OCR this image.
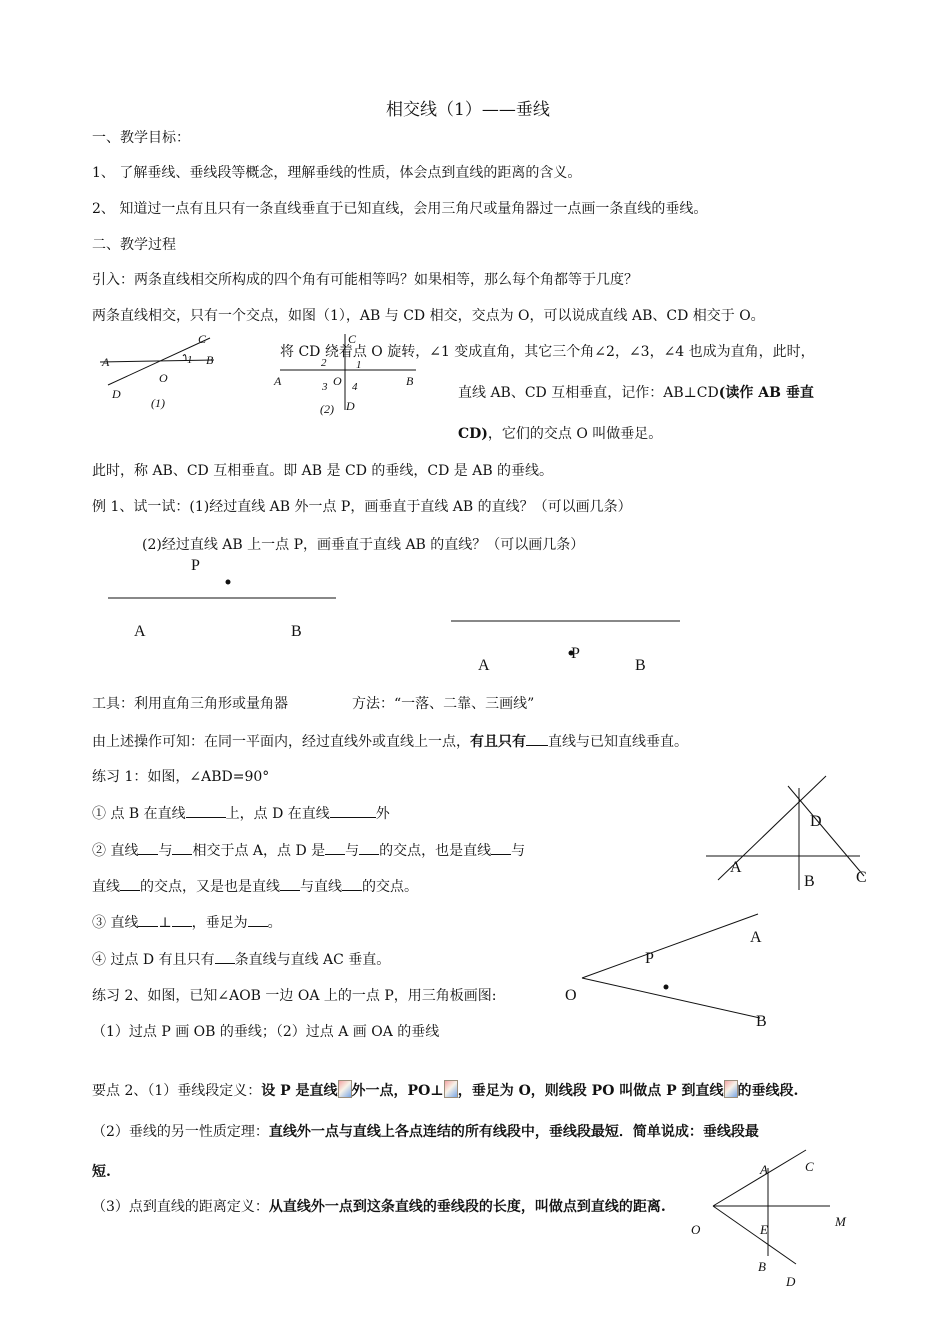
相交线（1）——垂线
一、教学目标：
1、 了解垂线、垂线段等概念，理解垂线的性质，体会点到直线的距离的含义。
2、 知道过一点有且只有一条直线垂直于已知直线，会用三角尺或量角器过一点画一条直线的垂线。
二、教学过程
引入：两条直线相交所构成的四个角有可能相等吗？如果相等，那么每个角都等于几度？
两条直线相交，只有一个交点，如图（1），AB 与 CD 相交，交点为 O，可以说成直线 AB、CD 相交于 O。
将 CD 绕着点 O 旋转，∠1 变成直角，其它三个角∠2，∠3，∠4 也成为直角，此时，
直线 AB、CD 互相垂直，记作：AB⊥CD(读作 AB 垂直
CD)，它们的交点 O 叫做垂足。
此时，称 AB、CD 互相垂直。即 AB 是 CD 的垂线，CD 是 AB 的垂线。
例 1、试一试：(1)经过直线 AB 外一点 P，画垂直于直线 AB 的直线？（可以画几条）
(2)经过直线 AB 上一点 P，画垂直于直线 AB 的直线？（可以画几条）
工具：利用直角三角形或量角器	方法：“一落、二靠、三画线”
由上述操作可知：在同一平面内，经过直线外或直线上一点，有且只有 直线与已知直线垂直。
练习 1：如图，∠ABD=90°
① 点 B 在直线	上，点 D 在直线	外
② 直线 与 相交于点 A，点 D 是 与 的交点，也是直线 与
直线 的交点，又是也是直线 与直线 的交点。
③ 直线 ⊥ ，垂足为 。
④ 过点 D 有且只有 条直线与直线 AC 垂直。
练习 2、如图，已知∠AOB 一边 OA 上的一点 P，用三角板画图:
（1）过点 P 画 OB 的垂线；（2）过点 A 画 OA 的垂线
要点 2、（1）垂线段定义：设 P 是直线 外一点，PO⊥ ，垂足为 O，则线段 PO 叫做点 P 到直线 的垂线段.
（2）垂线的另一性质定理：直线外一点与直线上各点连结的所有线段中，垂线段最短．简单说成：垂线段最
短.
（3）点到直线的距离定义：从直线外一点到这条直线的垂线段的长度，叫做点到直线的距离.
A	B
C
D
O
1
(1)
A	B
C
D
O
1
2
3 4
(2)
P
A	B
P
A	B
A
B	C
D
A
B
O
P
A
B
C
D
E
M
O
